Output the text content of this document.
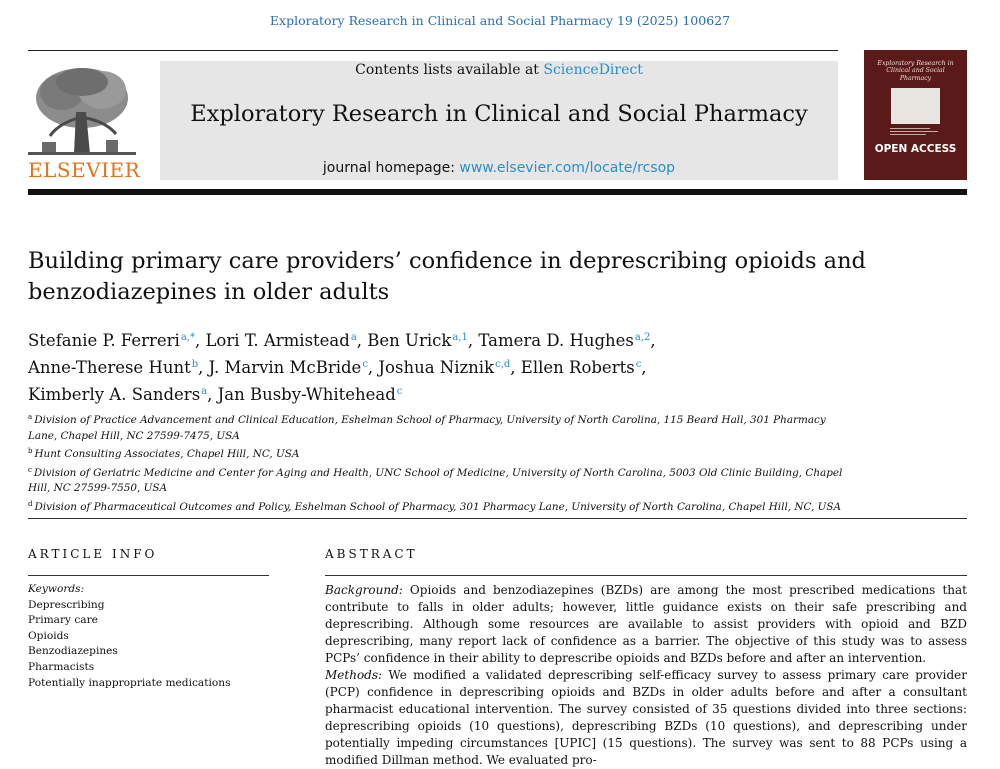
Exploratory Research in Clinical and Social Pharmacy 19 (2025) 100627
ELSEVIER
Contents lists available at ScienceDirect
Exploratory Research in Clinical and Social Pharmacy
journal homepage: www.elsevier.com/locate/rcsop
Exploratory Research in Clinical and Social Pharmacy
OPEN ACCESS
Building primary care providers’ confidence in deprescribing opioids and benzodiazepines in older adults
Stefanie P. Ferreri$^{a,*}$, Lori T. Armistead$^a$, Ben Urick$^{a,1}$, Tamera D. Hughes$^{a,2}$,
Anne-Therese Hunt$^b$, J. Marvin McBride$^c$, Joshua Niznik$^{c,d}$, Ellen Roberts$^c$,
Kimberly A. Sanders$^a$, Jan Busby-Whitehead$^c$

$^a$ Division of Practice Advancement and Clinical Education, Eshelman School of Pharmacy, University of North Carolina, 115 Beard Hall, 301 Pharmacy Lane, Chapel Hill, NC 27599-7475, USA

$^b$ Hunt Consulting Associates, Chapel Hill, NC, USA

$^c$ Division of Geriatric Medicine and Center for Aging and Health, UNC School of Medicine, University of North Carolina, 5003 Old Clinic Building, Chapel Hill, NC 27599-7550, USA

$^d$ Division of Pharmaceutical Outcomes and Policy, Eshelman School of Pharmacy, 301 Pharmacy Lane, University of North Carolina, Chapel Hill, NC, USA

ARTICLE INFO	ABSTRACT
Keywords:
Deprescribing
Primary care
Opioids
Benzodiazepines
Pharmacists
Potentially inappropriate medications

Background: Opioids and benzodiazepines (BZDs) are among the most prescribed medications that contribute to falls in older adults; however, little guidance exists on their safe prescribing and deprescribing. Although some resources are available to assist providers with opioid and BZD deprescribing, many report lack of confidence as a barrier. The objective of this study was to assess PCPs’ confidence in their ability to deprescribe opioids and BZDs before and after an intervention.

Methods: We modified a validated deprescribing self-efficacy survey to assess primary care provider (PCP) confidence in deprescribing opioids and BZDs in older adults before and after a consultant pharmacist educational intervention. The survey consisted of 35 questions divided into three sections: deprescribing opioids (10 questions), deprescribing BZDs (10 questions), and deprescribing under potentially impeding circumstances [UPIC] (15 questions). The survey was sent to 88 PCPs using a modified Dillman method. We evaluated pro-
